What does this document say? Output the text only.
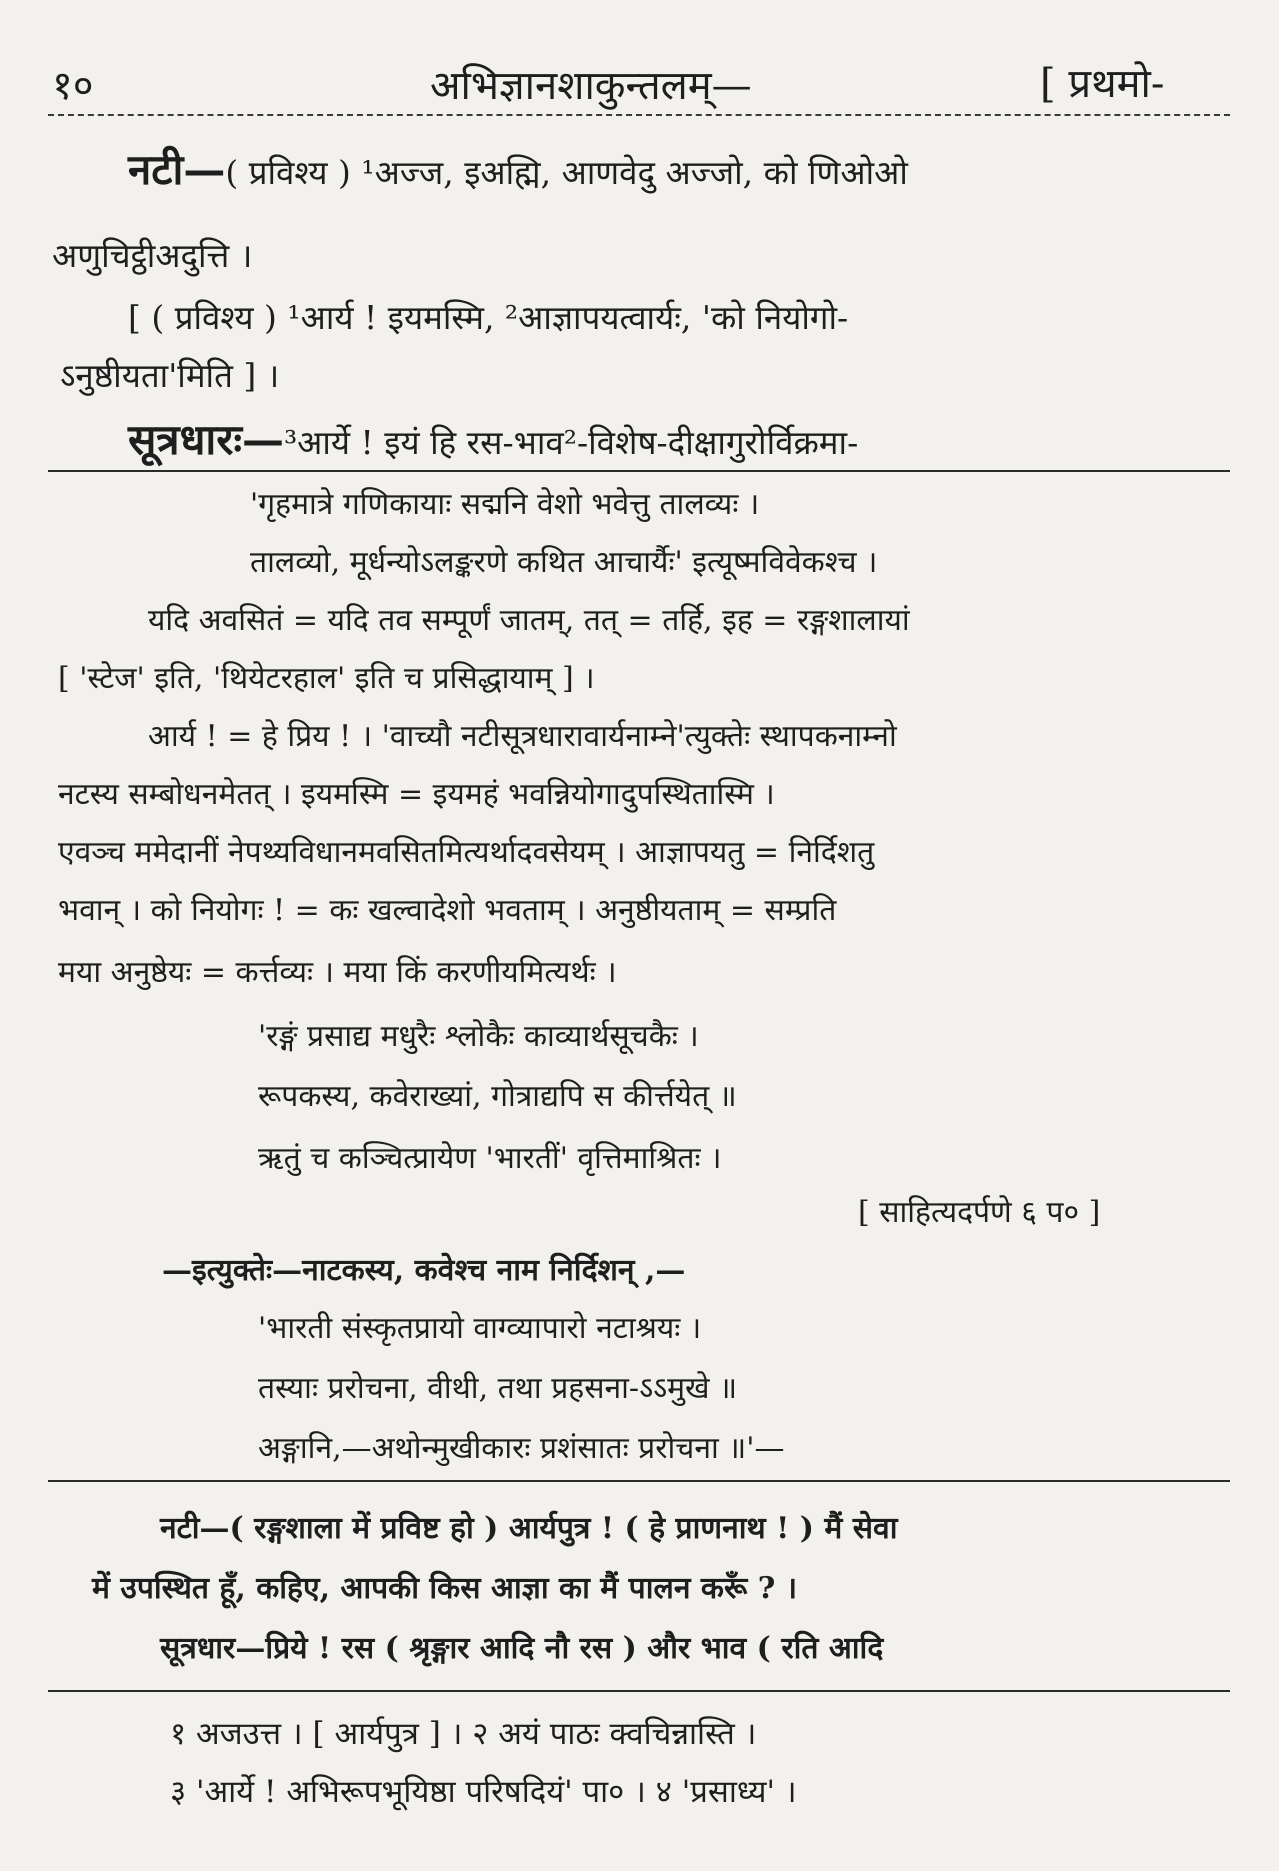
१०	अभिज्ञानशाकुन्तलम्—	[ प्रथमो-
नटी—( प्रविश्य ) ¹अज्ज, इअह्मि, आणवेदु अज्जो, को णिओओ
अणुचिट्ठीअदुत्ति ।
[ ( प्रविश्य ) ¹आर्य ! इयमस्मि, ²आज्ञापयत्वार्यः, 'को नियोगो-
ऽनुष्ठीयता'मिति ] ।
सूत्रधारः—³आर्ये ! इयं हि रस-भाव²-विशेष-दीक्षागुरोर्विक्रमा-
'गृहमात्रे गणिकायाः सद्मनि वेशो भवेत्तु तालव्यः ।
तालव्यो, मूर्धन्योऽलङ्करणे कथित आचार्यैः' इत्यूष्मविवेकश्च ।
यदि अवसितं = यदि तव सम्पूर्णं जातम्, तत् = तर्हि, इह = रङ्गशालायां
[ 'स्टेज' इति, 'थियेटरहाल' इति च प्रसिद्धायाम् ] ।
आर्य ! = हे प्रिय ! । 'वाच्यौ नटीसूत्रधारावार्यनाम्ने'त्युक्तेः स्थापकनाम्नो
नटस्य सम्बोधनमेतत् । इयमस्मि = इयमहं भवन्नियोगादुपस्थितास्मि ।
एवञ्च ममेदानीं नेपथ्यविधानमवसितमित्यर्थादवसेयम् । आज्ञापयतु = निर्दिशतु
भवान् । को नियोगः ! = कः खल्वादेशो भवताम् । अनुष्ठीयताम् = सम्प्रति
मया अनुष्ठेयः = कर्त्तव्यः । मया किं करणीयमित्यर्थः ।
'रङ्गं प्रसाद्य मधुरैः श्लोकैः काव्यार्थसूचकैः ।
रूपकस्य, कवेराख्यां, गोत्राद्यपि स कीर्त्तयेत् ॥
ऋतुं च कञ्चित्प्रायेण 'भारतीं' वृत्तिमाश्रितः ।
[ साहित्यदर्पणे ६ प० ]
—इत्युक्तेः—नाटकस्य, कवेश्च नाम निर्दिशन् ,—
'भारती संस्कृतप्रायो वाग्व्यापारो नटाश्रयः ।
तस्याः प्ररोचना, वीथी, तथा प्रहसना-ऽऽमुखे ॥
अङ्गानि,—अथोन्मुखीकारः प्रशंसातः प्ररोचना ॥'—
नटी—( रङ्गशाला में प्रविष्ट हो ) आर्यपुत्र ! ( हे प्राणनाथ ! ) मैं सेवा
में उपस्थित हूँ, कहिए, आपकी किस आज्ञा का मैं पालन करूँ ? ।
सूत्रधार—प्रिये ! रस ( श्रृङ्गार आदि नौ रस ) और भाव ( रति आदि
१ अजउत्त । [ आर्यपुत्र ] । २ अयं पाठः क्वचिन्नास्ति ।
३ 'आर्ये ! अभिरूपभूयिष्ठा परिषदियं' पा० । ४ 'प्रसाध्य' ।
